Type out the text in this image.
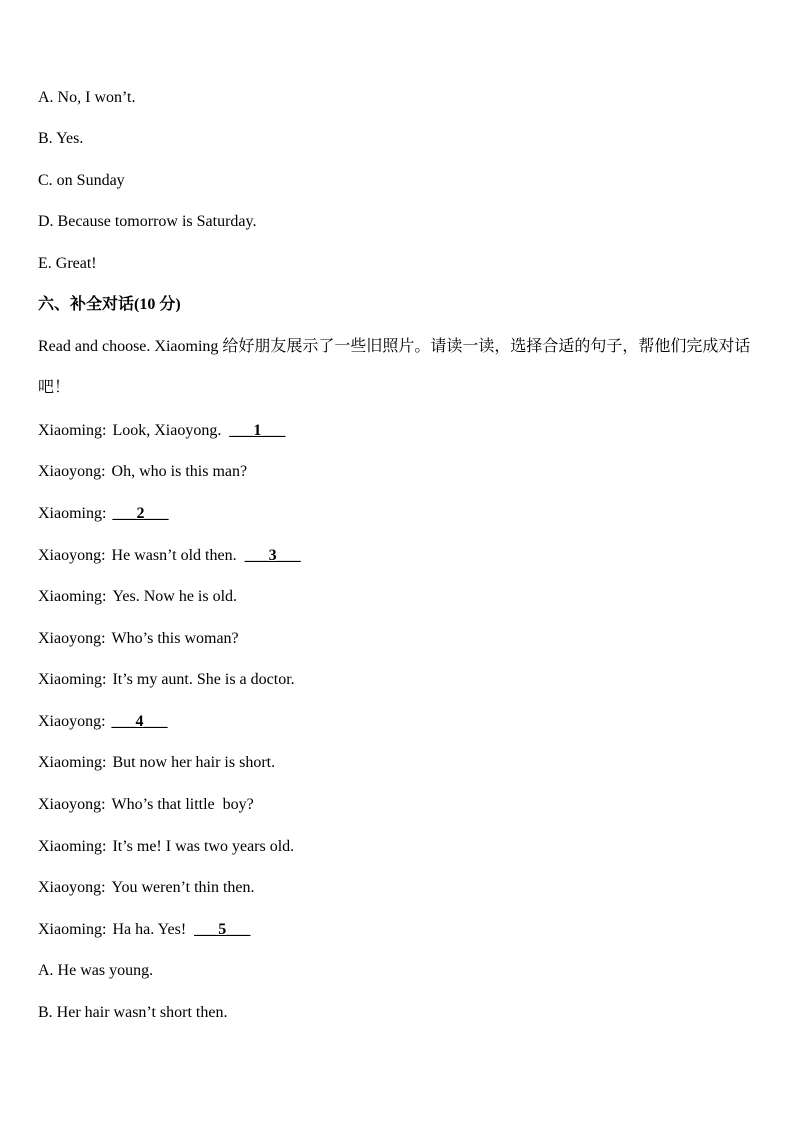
A. No, I won’t.
B. Yes.
C. on Sunday
D. Because tomorrow is Saturday.
E. Great!
六、补全对话(10 分)
Read and choose. Xiaoming 给好朋友展示了一些旧照片。请读一读，选择合适的句子，帮他们完成对话吧！
Xiaoming: Look, Xiaoyong. ___1___
Xiaoyong: Oh, who is this man?
Xiaoming: ___2___
Xiaoyong: He wasn’t old then. ___3___
Xiaoming: Yes. Now he is old.
Xiaoyong: Who’s this woman?
Xiaoming: It’s my aunt. She is a doctor.
Xiaoyong: ___4___
Xiaoming: But now her hair is short.
Xiaoyong: Who’s that little  boy?
Xiaoming: It’s me! I was two years old.
Xiaoyong: You weren’t thin then.
Xiaoming: Ha ha. Yes! ___5___
A. He was young.
B. Her hair wasn’t short then.
